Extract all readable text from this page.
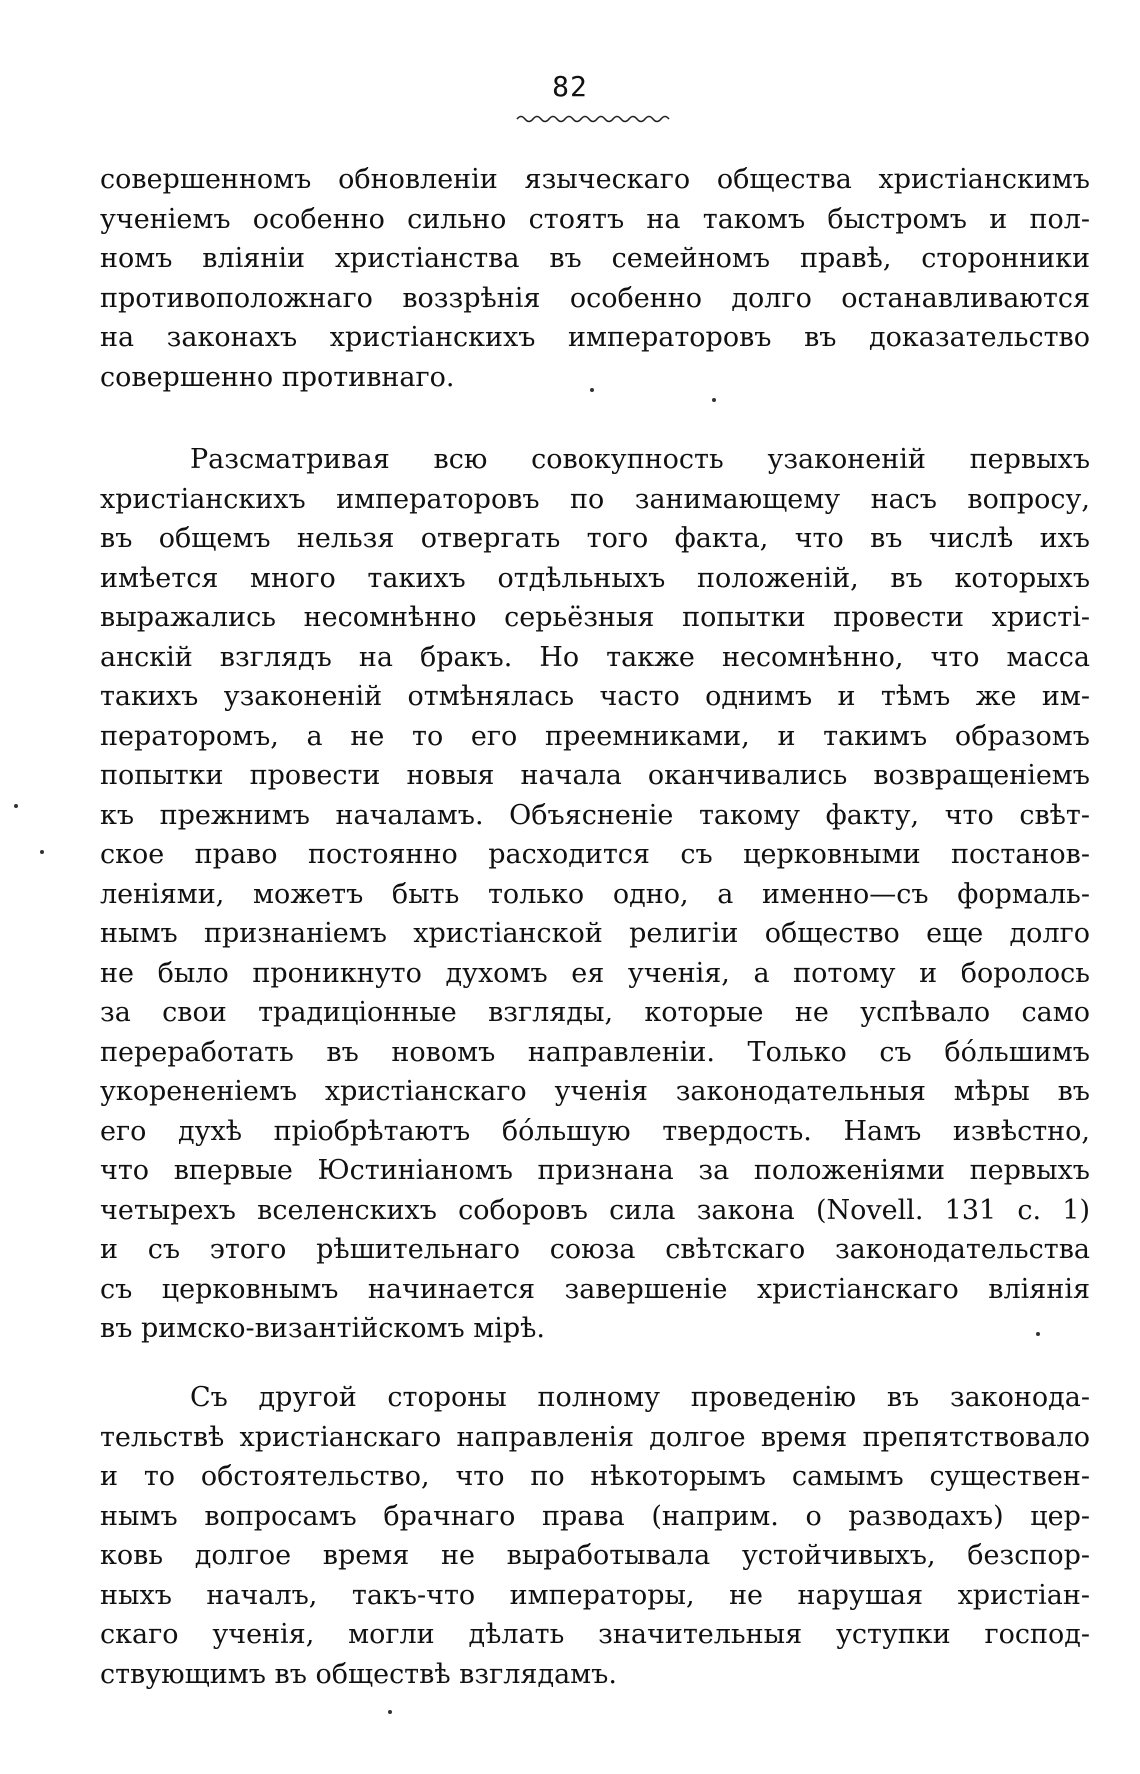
82
совершенномъ обновленіи языческаго общества христіанскимъ
ученіемъ особенно сильно стоятъ на такомъ быстромъ и пол-
номъ вліяніи христіанства въ семейномъ правѣ, сторонники
противоположнаго воззрѣнія особенно долго останавливаются
на законахъ христіанскихъ императоровъ въ доказательство
совершенно противнаго.
Разсматривая всю совокупность узаконеній первыхъ
христіанскихъ императоровъ по занимающему насъ вопросу,
въ общемъ нельзя отвергать того факта, что въ числѣ ихъ
имѣется много такихъ отдѣльныхъ положеній, въ которыхъ
выражались несомнѣнно серьёзныя попытки провести христі-
анскій взглядъ на бракъ. Но также несомнѣнно, что масса
такихъ узаконеній отмѣнялась часто однимъ и тѣмъ же им-
ператоромъ, а не то его преемниками, и такимъ образомъ
попытки провести новыя начала оканчивались возвращеніемъ
къ прежнимъ началамъ. Объясненіе такому факту, что свѣт-
ское право постоянно расходится съ церковными постанов-
леніями, можетъ быть только одно, а именно—съ формаль-
нымъ признаніемъ христіанской религіи общество еще долго
не было проникнуто духомъ ея ученія, а потому и боролось
за свои традиціонные взгляды, которые не успѣвало само
переработать въ новомъ направленіи. Только съ бо́льшимъ
укорененіемъ христіанскаго ученія законодательныя мѣры въ
его духѣ пріобрѣтаютъ бо́льшую твердость. Намъ извѣстно,
что впервые Юстиніаномъ признана за положеніями первыхъ
четырехъ вселенскихъ соборовъ сила закона (Novell. 131 с. 1)
и съ этого рѣшительнаго союза свѣтскаго законодательства
съ церковнымъ начинается завершеніе христіанскаго вліянія
въ римско-византійскомъ мірѣ.
Съ другой стороны полному проведенію въ законода-
тельствѣ христіанскаго направленія долгое время препятствовало
и то обстоятельство, что по нѣкоторымъ самымъ существен-
нымъ вопросамъ брачнаго права (наприм. о разводахъ) цер-
ковь долгое время не выработывала устойчивыхъ, безспор-
ныхъ началъ, такъ-что императоры, не нарушая христіан-
скаго ученія, могли дѣлать значительныя уступки господ-
ствующимъ въ обществѣ взглядамъ.
